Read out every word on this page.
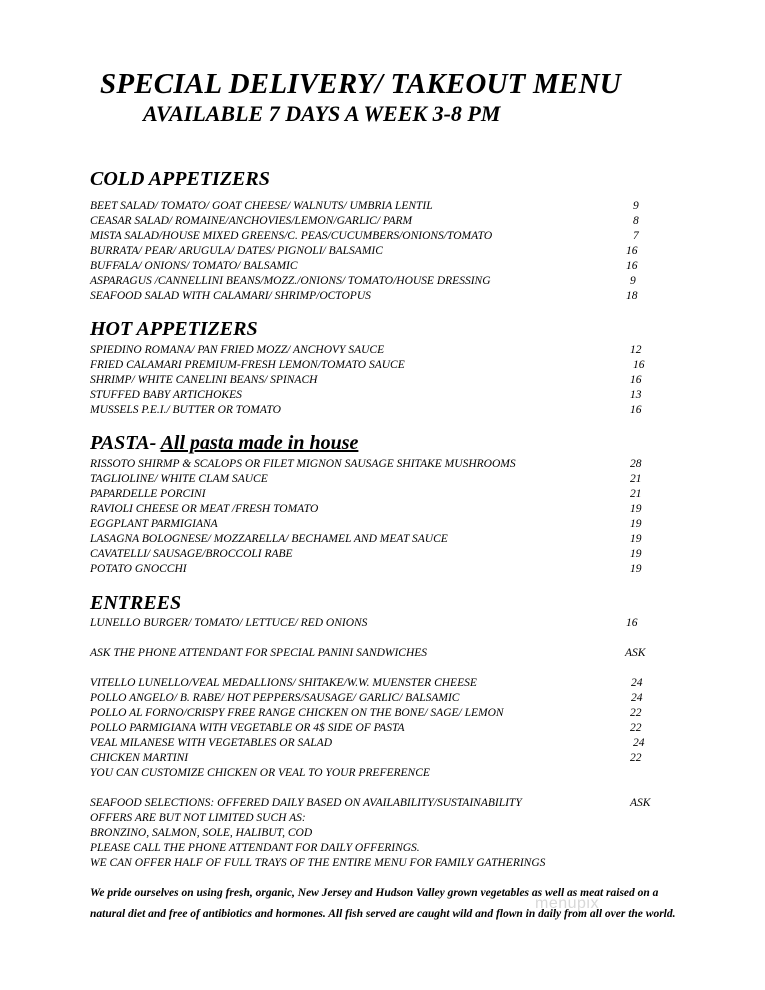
SPECIAL DELIVERY/ TAKEOUT MENU
AVAILABLE 7 DAYS A WEEK 3-8 PM
COLD APPETIZERS
BEET SALAD/ TOMATO/ GOAT CHEESE/ WALNUTS/ UMBRIA LENTIL	9
CEASAR SALAD/ ROMAINE/ANCHOVIES/LEMON/GARLIC/ PARM	8
MISTA SALAD/HOUSE MIXED GREENS/C. PEAS/CUCUMBERS/ONIONS/TOMATO	7
BURRATA/ PEAR/ ARUGULA/ DATES/ PIGNOLI/ BALSAMIC	16
BUFFALA/ ONIONS/ TOMATO/ BALSAMIC	16
ASPARAGUS /CANNELLINI BEANS/MOZZ./ONIONS/ TOMATO/HOUSE DRESSING	9
SEAFOOD SALAD WITH CALAMARI/ SHRIMP/OCTOPUS	18
HOT APPETIZERS
SPIEDINO ROMANA/ PAN FRIED MOZZ/ ANCHOVY SAUCE	12
FRIED CALAMARI PREMIUM-FRESH LEMON/TOMATO SAUCE	16
SHRIMP/ WHITE CANELINI BEANS/ SPINACH	16
STUFFED BABY ARTICHOKES	13
MUSSELS P.E.I./ BUTTER OR TOMATO	16
PASTA- All pasta made in house
RISSOTO SHIRMP & SCALOPS OR FILET MIGNON SAUSAGE SHITAKE MUSHROOMS	28
TAGLIOLINE/ WHITE CLAM SAUCE	21
PAPARDELLE PORCINI	21
RAVIOLI CHEESE OR MEAT /FRESH TOMATO	19
EGGPLANT PARMIGIANA	19
LASAGNA BOLOGNESE/ MOZZARELLA/ BECHAMEL AND MEAT SAUCE	19
CAVATELLI/ SAUSAGE/BROCCOLI RABE	19
POTATO GNOCCHI	19
ENTREES
LUNELLO BURGER/ TOMATO/ LETTUCE/ RED ONIONS	16
ASK THE PHONE ATTENDANT FOR SPECIAL PANINI SANDWICHES	ASK
VITELLO LUNELLO/VEAL MEDALLIONS/ SHITAKE/W.W. MUENSTER CHEESE	24
POLLO ANGELO/ B. RABE/ HOT PEPPERS/SAUSAGE/ GARLIC/ BALSAMIC	24
POLLO AL FORNO/CRISPY FREE RANGE CHICKEN ON THE BONE/ SAGE/ LEMON	22
POLLO PARMIGIANA WITH VEGETABLE OR 4$ SIDE OF PASTA	22
VEAL MILANESE WITH VEGETABLES OR SALAD	24
CHICKEN MARTINI	22
YOU CAN CUSTOMIZE CHICKEN OR VEAL TO YOUR PREFERENCE
SEAFOOD SELECTIONS: OFFERED DAILY BASED ON AVAILABILITY/SUSTAINABILITY	ASK
OFFERS ARE BUT NOT LIMITED SUCH AS:
BRONZINO, SALMON, SOLE, HALIBUT, COD
PLEASE CALL THE PHONE ATTENDANT FOR DAILY OFFERINGS.
WE CAN OFFER HALF OF FULL TRAYS OF THE ENTIRE MENU FOR FAMILY GATHERINGS
We pride ourselves on using fresh, organic, New Jersey and Hudson Valley grown vegetables as well as meat raised on a
natural diet and free of antibiotics and hormones. All fish served are caught wild and flown in daily from all over the world.
menupix
